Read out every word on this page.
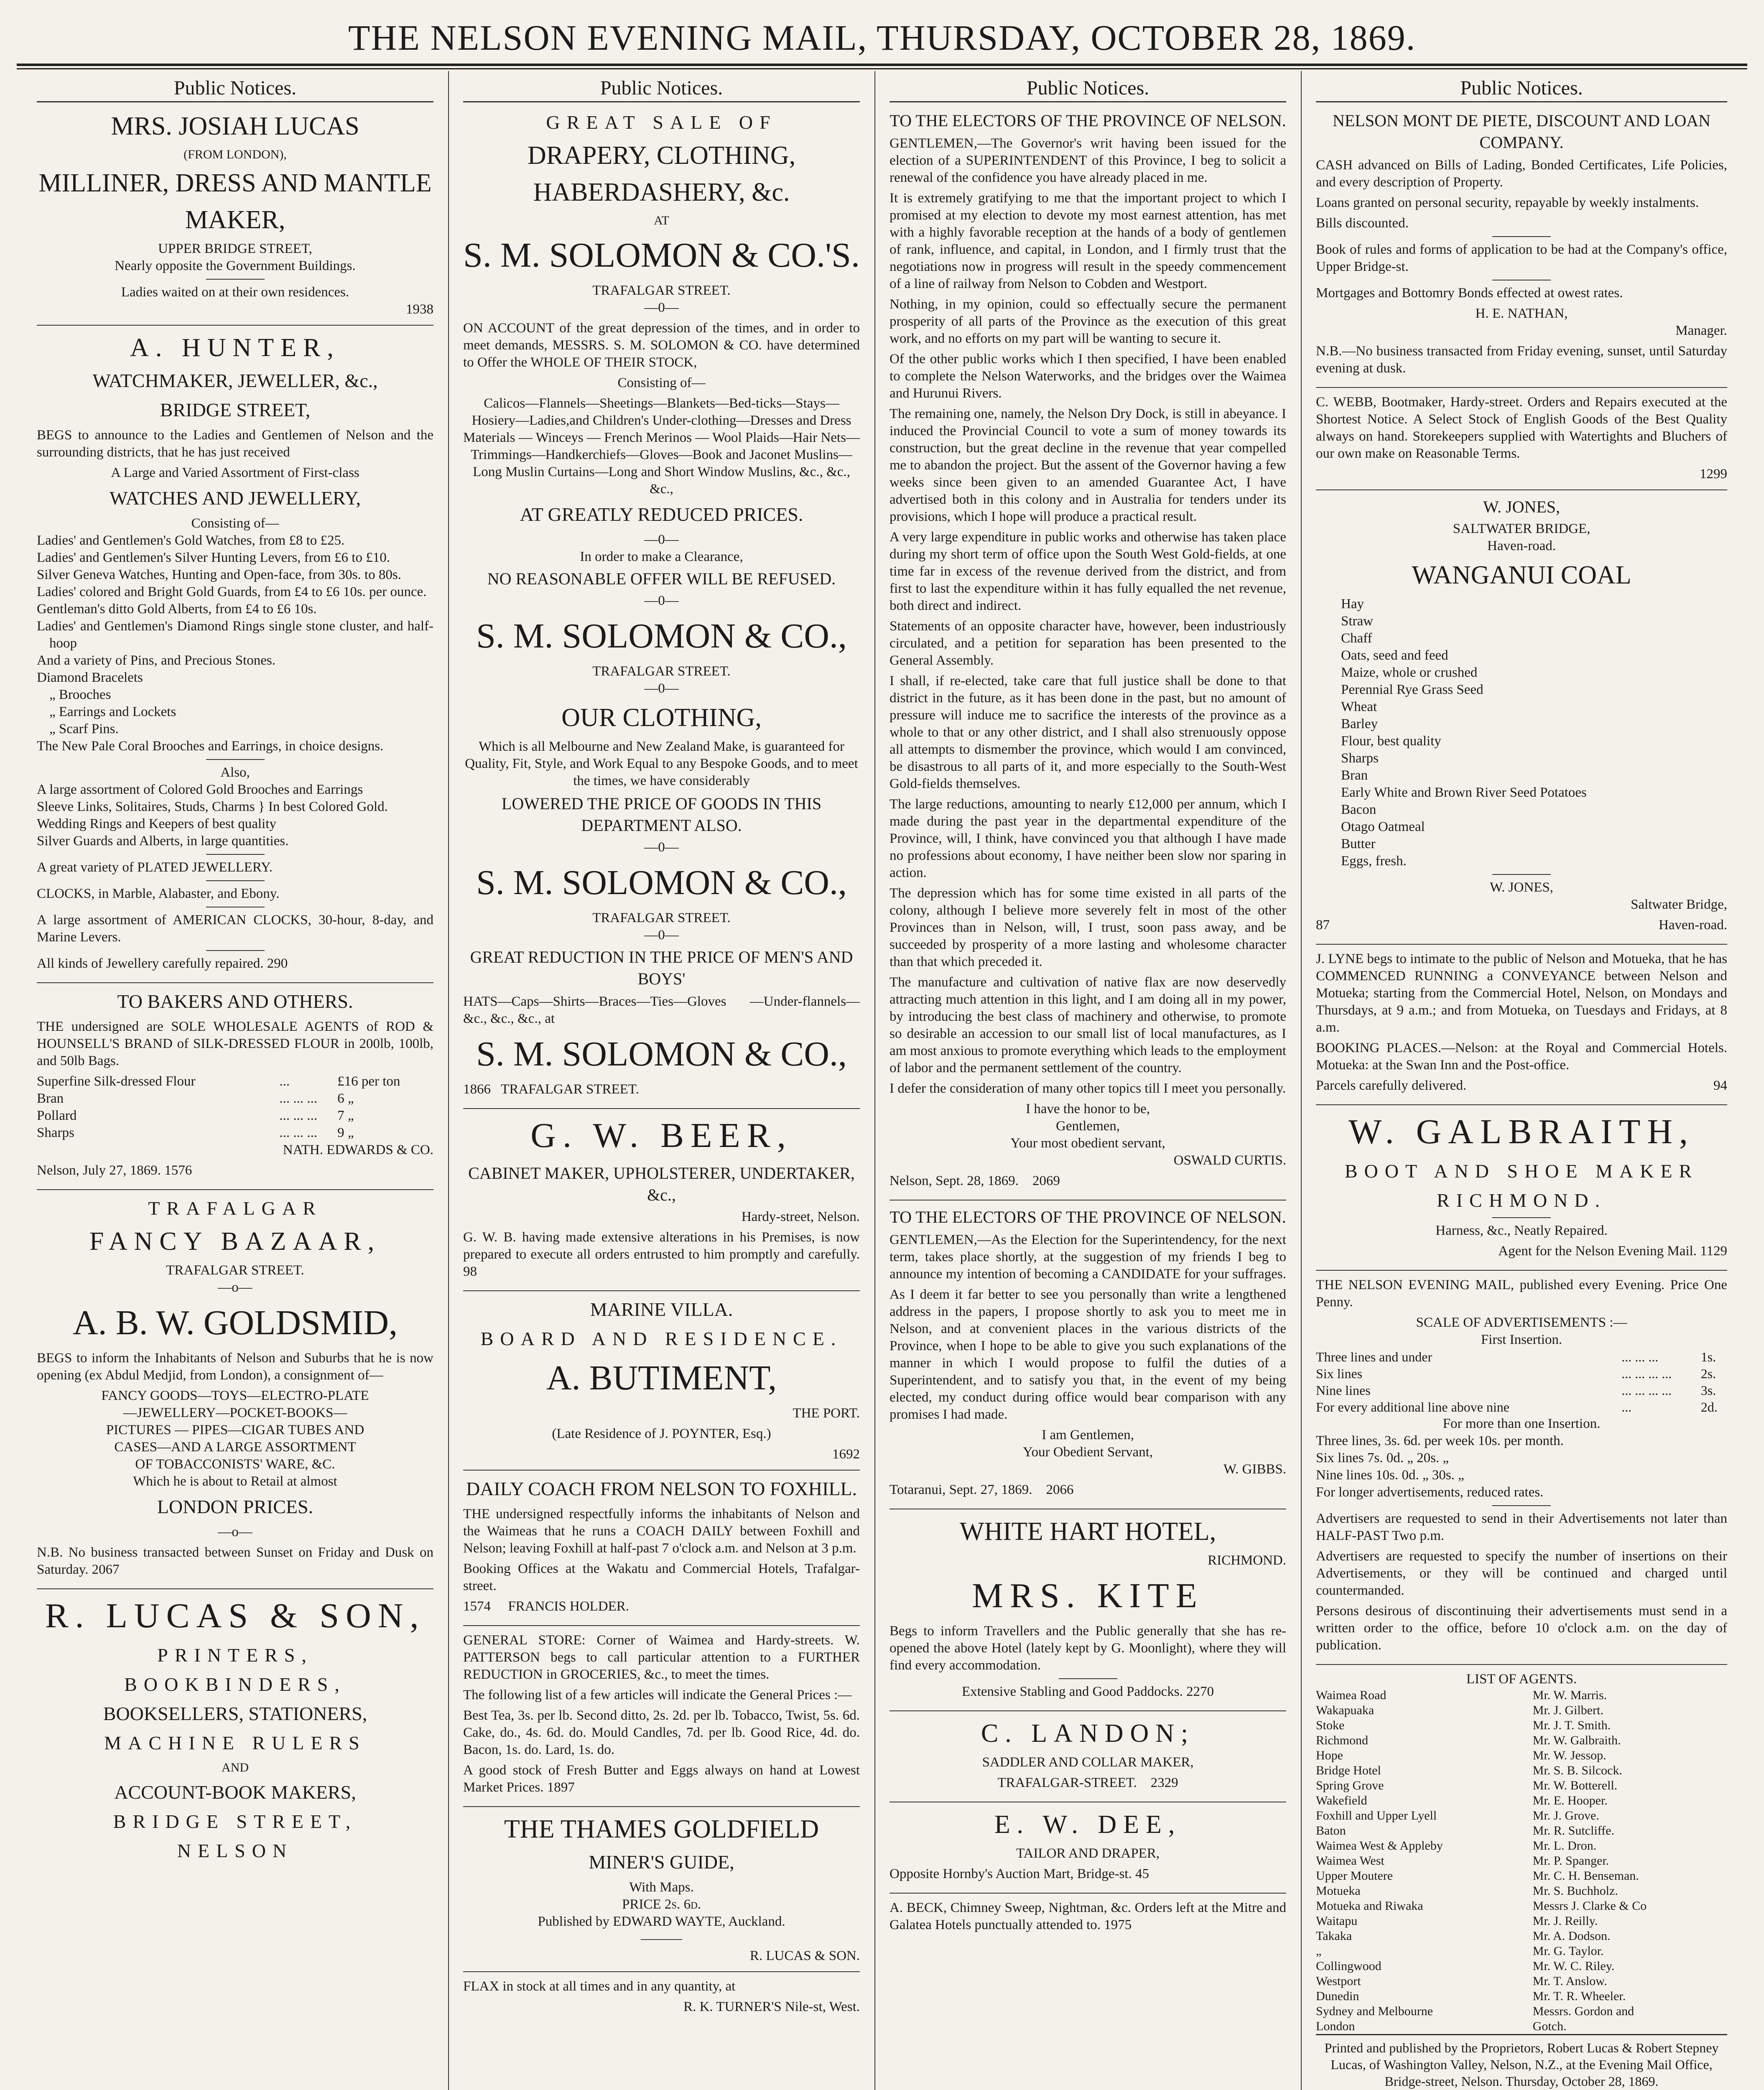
THE NELSON EVENING MAIL, THURSDAY, OCTOBER 28, 1869.
Public Notices.
MRS. JOSIAH LUCAS
(FROM LONDON),
MILLINER, DRESS AND MANTLE
MAKER,
UPPER BRIDGE STREET,
Nearly opposite the Government Buildings.
Ladies waited on at their own residences.
1938
A. HUNTER,
WATCHMAKER, JEWELLER, &c.,
BRIDGE STREET,

BEGS to announce to the Ladies and Gentlemen of Nelson and the surrounding districts, that he has just received

A Large and Varied Assortment of First-class
WATCHES AND JEWELLERY,
Consisting of—

Ladies' and Gentlemen's Gold Watches, from £8 to £25.

Ladies' and Gentlemen's Silver Hunting Levers, from £6 to £10.

Silver Geneva Watches, Hunting and Open-face, from 30s. to 80s.

Ladies' colored and Bright Gold Guards, from £4 to £6 10s. per ounce.

Gentleman's ditto Gold Alberts, from £4 to £6 10s.

Ladies' and Gentlemen's Diamond Rings single stone cluster, and half-hoop

And a variety of Pins, and Precious Stones.

Diamond Bracelets

„ Brooches

„ Earrings and Lockets

„ Scarf Pins.

The New Pale Coral Brooches and Earrings, in choice designs.

Also,

A large assortment of Colored Gold Brooches and Earrings

Sleeve Links, Solitaires, Studs, Charms } In best Colored Gold.

Wedding Rings and Keepers of best quality

Silver Guards and Alberts, in large quantities.

A great variety of PLATED JEWELLERY.

CLOCKS, in Marble, Alabaster, and Ebony.

A large assortment of AMERICAN CLOCKS, 30-hour, 8-day, and Marine Levers.

All kinds of Jewellery carefully repaired. 290

TO BAKERS AND OTHERS.

THE undersigned are SOLE WHOLESALE AGENTS of ROD & HOUNSELL'S BRAND of SILK-DRESSED FLOUR in 200lb, 100lb, and 50lb Bags.

Superfine Silk-dressed Flour	...	£16 per ton
Bran	... ... ...	6 „
Pollard	... ... ...	7 „
Sharps	... ... ...	9 „
NATH. EDWARDS & CO.

Nelson, July 27, 1869. 1576

TRAFALGAR
FANCY BAZAAR,
TRAFALGAR STREET.
—o—
A. B. W. GOLDSMID,

BEGS to inform the Inhabitants of Nelson and Suburbs that he is now opening (ex Abdul Medjid, from London), a consignment of—

FANCY GOODS—TOYS—ELECTRO-PLATE
—JEWELLERY—POCKET-BOOKS—
PICTURES — PIPES—CIGAR TUBES AND
CASES—AND A LARGE ASSORTMENT
OF TOBACCONISTS' WARE, &C.
Which he is about to Retail at almost
LONDON PRICES.
—o—

N.B. No business transacted between Sunset on Friday and Dusk on Saturday. 2067

R. LUCAS & SON,
PRINTERS,
BOOKBINDERS,
BOOKSELLERS, STATIONERS,
MACHINE RULERS
AND
ACCOUNT-BOOK MAKERS,
BRIDGE STREET,
NELSON
Public Notices.
GREAT SALE OF
DRAPERY, CLOTHING,
HABERDASHERY, &c.
AT
S. M. SOLOMON & CO.'S.
TRAFALGAR STREET.
—0—

ON ACCOUNT of the great depression of the times, and in order to meet demands, MESSRS. S. M. SOLOMON & CO. have determined to Offer the WHOLE OF THEIR STOCK,

Consisting of—

Calicos—Flannels—Sheetings—Blankets—Bed-ticks—Stays—Hosiery—Ladies,and Children's Under-clothing—Dresses and Dress Materials — Winceys — French Merinos — Wool Plaids—Hair Nets—Trimmings—Handkerchiefs—Gloves—Book and Jaconet Muslins—Long Muslin Curtains—Long and Short Window Muslins, &c., &c., &c.,

AT GREATLY REDUCED PRICES.
—0—
In order to make a Clearance,
NO REASONABLE OFFER WILL BE REFUSED.
—0—
S. M. SOLOMON & CO.,
TRAFALGAR STREET.
—0—
OUR CLOTHING,

Which is all Melbourne and New Zealand Make, is guaranteed for Quality, Fit, Style, and Work Equal to any Bespoke Goods, and to meet the times, we have considerably

LOWERED THE PRICE OF GOODS IN THIS DEPARTMENT ALSO.
—0—
S. M. SOLOMON & CO.,
TRAFALGAR STREET.
—0—
GREAT REDUCTION IN THE PRICE OF MEN'S AND BOYS'

HATS—Caps—Shirts—Braces—Ties—Gloves —Under-flannels—&c., &c., &c., at

S. M. SOLOMON & CO.,

1866 TRAFALGAR STREET.

G. W. BEER,
CABINET MAKER, UPHOLSTERER, UNDERTAKER, &c.,
Hardy-street, Nelson.

G. W. B. having made extensive alterations in his Premises, is now prepared to execute all orders entrusted to him promptly and carefully. 98

MARINE VILLA.
BOARD AND RESIDENCE.
A. BUTIMENT,
THE PORT.

(Late Residence of J. POYNTER, Esq.)

1692
DAILY COACH FROM NELSON TO FOXHILL.

THE undersigned respectfully informs the inhabitants of Nelson and the Waimeas that he runs a COACH DAILY between Foxhill and Nelson; leaving Foxhill at half-past 7 o'clock a.m. and Nelson at 3 p.m.

Booking Offices at the Wakatu and Commercial Hotels, Trafalgar-street.

1574 FRANCIS HOLDER.

GENERAL STORE: Corner of Waimea and Hardy-streets. W. PATTERSON begs to call particular attention to a FURTHER REDUCTION in GROCERIES, &c., to meet the times.

The following list of a few articles will indicate the General Prices :—

Best Tea, 3s. per lb. Second ditto, 2s. 2d. per lb. Tobacco, Twist, 5s. 6d. Cake, do., 4s. 6d. do. Mould Candles, 7d. per lb. Good Rice, 4d. do. Bacon, 1s. do. Lard, 1s. do.

A good stock of Fresh Butter and Eggs always on hand at Lowest Market Prices. 1897

THE THAMES GOLDFIELD
MINER'S GUIDE,
With Maps.
PRICE 2s. 6d.
Published by EDWARD WAYTE, Auckland.
———
R. LUCAS & SON.

FLAX in stock at all times and in any quantity, at

R. K. TURNER'S Nile-st, West.
Public Notices.
TO THE ELECTORS OF THE PROVINCE OF NELSON.

GENTLEMEN,—The Governor's writ having been issued for the election of a SUPERINTENDENT of this Province, I beg to solicit a renewal of the confidence you have already placed in me.

It is extremely gratifying to me that the important project to which I promised at my election to devote my most earnest attention, has met with a highly favorable reception at the hands of a body of gentlemen of rank, influence, and capital, in London, and I firmly trust that the negotiations now in progress will result in the speedy commencement of a line of railway from Nelson to Cobden and Westport.

Nothing, in my opinion, could so effectually secure the permanent prosperity of all parts of the Province as the execution of this great work, and no efforts on my part will be wanting to secure it.

Of the other public works which I then specified, I have been enabled to complete the Nelson Waterworks, and the bridges over the Waimea and Hurunui Rivers.

The remaining one, namely, the Nelson Dry Dock, is still in abeyance. I induced the Provincial Council to vote a sum of money towards its construction, but the great decline in the revenue that year compelled me to abandon the project. But the assent of the Governor having a few weeks since been given to an amended Guarantee Act, I have advertised both in this colony and in Australia for tenders under its provisions, which I hope will produce a practical result.

A very large expenditure in public works and otherwise has taken place during my short term of office upon the South West Gold-fields, at one time far in excess of the revenue derived from the district, and from first to last the expenditure within it has fully equalled the net revenue, both direct and indirect.

Statements of an opposite character have, however, been industriously circulated, and a petition for separation has been presented to the General Assembly.

I shall, if re-elected, take care that full justice shall be done to that district in the future, as it has been done in the past, but no amount of pressure will induce me to sacrifice the interests of the province as a whole to that or any other district, and I shall also strenuously oppose all attempts to dismember the province, which would I am convinced, be disastrous to all parts of it, and more especially to the South-West Gold-fields themselves.

The large reductions, amounting to nearly £12,000 per annum, which I made during the past year in the departmental expenditure of the Province, will, I think, have convinced you that although I have made no professions about economy, I have neither been slow nor sparing in action.

The depression which has for some time existed in all parts of the colony, although I believe more severely felt in most of the other Provinces than in Nelson, will, I trust, soon pass away, and be succeeded by prosperity of a more lasting and wholesome character than that which preceded it.

The manufacture and cultivation of native flax are now deservedly attracting much attention in this light, and I am doing all in my power, by introducing the best class of machinery and otherwise, to promote so desirable an accession to our small list of local manufactures, as I am most anxious to promote everything which leads to the employment of labor and the permanent settlement of the country.

I defer the consideration of many other topics till I meet you personally.

I have the honor to be,
Gentlemen,
Your most obedient servant,
OSWALD CURTIS.

Nelson, Sept. 28, 1869. 2069

TO THE ELECTORS OF THE PROVINCE OF NELSON.

GENTLEMEN,—As the Election for the Superintendency, for the next term, takes place shortly, at the suggestion of my friends I beg to announce my intention of becoming a CANDIDATE for your suffrages.

As I deem it far better to see you personally than write a lengthened address in the papers, I propose shortly to ask you to meet me in Nelson, and at convenient places in the various districts of the Province, when I hope to be able to give you such explanations of the manner in which I would propose to fulfil the duties of a Superintendent, and to satisfy you that, in the event of my being elected, my conduct during office would bear comparison with any promises I had made.

I am Gentlemen,
Your Obedient Servant,
W. GIBBS.

Totaranui, Sept. 27, 1869. 2066

WHITE HART HOTEL,
RICHMOND.
MRS. KITE

Begs to inform Travellers and the Public generally that she has re-opened the above Hotel (lately kept by G. Moonlight), where they will find every accommodation.

Extensive Stabling and Good Paddocks. 2270

C. LANDON;
SADDLER AND COLLAR MAKER,

TRAFALGAR-STREET. 2329

E. W. DEE,
TAILOR AND DRAPER,

Opposite Hornby's Auction Mart, Bridge-st. 45

A. BECK, Chimney Sweep, Nightman, &c. Orders left at the Mitre and Galatea Hotels punctually attended to. 1975

Public Notices.
NELSON MONT DE PIETE, DISCOUNT AND LOAN COMPANY.

CASH advanced on Bills of Lading, Bonded Certificates, Life Policies, and every description of Property.

Loans granted on personal security, repayable by weekly instalments.

Bills discounted.

Book of rules and forms of application to be had at the Company's office, Upper Bridge-st.

Mortgages and Bottomry Bonds effected at owest rates.

H. E. NATHAN,
Manager.

N.B.—No business transacted from Friday evening, sunset, until Saturday evening at dusk.

C. WEBB, Bootmaker, Hardy-street. Orders and Repairs executed at the Shortest Notice. A Select Stock of English Goods of the Best Quality always on hand. Storekeepers supplied with Watertights and Bluchers of our own make on Reasonable Terms.

1299
W. JONES,
SALTWATER BRIDGE,
Haven-road.
WANGANUI COAL
Hay
Straw
Chaff
Oats, seed and feed
Maize, whole or crushed
Perennial Rye Grass Seed
Wheat
Barley
Flour, best quality
Sharps
Bran
Early White and Brown River Seed Potatoes
Bacon
Otago Oatmeal
Butter
Eggs, fresh.
W. JONES,
Saltwater Bridge,

87	Haven-road.

J. LYNE begs to intimate to the public of Nelson and Motueka, that he has COMMENCED RUNNING a CONVEYANCE between Nelson and Motueka; starting from the Commercial Hotel, Nelson, on Mondays and Thursdays, at 9 a.m.; and from Motueka, on Tuesdays and Fridays, at 8 a.m.

BOOKING PLACES.—Nelson: at the Royal and Commercial Hotels. Motueka: at the Swan Inn and the Post-office.

Parcels carefully delivered.	94

W. GALBRAITH,
BOOT AND SHOE MAKER
RICHMOND.
Harness, &c., Neatly Repaired.

Agent for the Nelson Evening Mail. 1129

THE NELSON EVENING MAIL, published every Evening. Price One Penny.

SCALE OF ADVERTISEMENTS :—
First Insertion.
Three lines and under	... ... ...	1s.
Six lines	... ... ... ...	2s.
Nine lines	... ... ... ...	3s.
For every additional line above nine	...	2d.
For more than one Insertion.
Three lines, 3s. 6d. per week 10s. per month.
Six lines 7s. 0d. „ 20s. „
Nine lines 10s. 0d. „ 30s. „
For longer advertisements, reduced rates.

Advertisers are requested to send in their Advertisements not later than HALF-PAST Two p.m.

Advertisers are requested to specify the number of insertions on their Advertisements, or they will be continued and charged until countermanded.

Persons desirous of discontinuing their advertisements must send in a written order to the office, before 10 o'clock a.m. on the day of publication.

LIST OF AGENTS.
Waimea Road	Mr. W. Marris.
Wakapuaka	Mr. J. Gilbert.
Stoke	Mr. J. T. Smith.
Richmond	Mr. W. Galbraith.
Hope	Mr. W. Jessop.
Bridge Hotel	Mr. S. B. Silcock.
Spring Grove	Mr. W. Botterell.
Wakefield	Mr. E. Hooper.
Foxhill and Upper Lyell	Mr. J. Grove.
Baton	Mr. R. Sutcliffe.
Waimea West & Appleby	Mr. L. Dron.
Waimea West	Mr. P. Spanger.
Upper Moutere	Mr. C. H. Benseman.
Motueka	Mr. S. Buchholz.
Motueka and Riwaka	Messrs J. Clarke & Co
Waitapu	Mr. J. Reilly.
Takaka	Mr. A. Dodson.
„	Mr. G. Taylor.
Collingwood	Mr. W. C. Riley.
Westport	Mr. T. Anslow.
Dunedin	Mr. T. R. Wheeler.
Sydney and Melbourne	Messrs. Gordon and
London	Gotch.
Printed and published by the Proprietors, Robert Lucas & Robert Stepney Lucas, of Washington Valley, Nelson, N.Z., at the Evening Mail Office, Bridge-street, Nelson. Thursday, October 28, 1869.
